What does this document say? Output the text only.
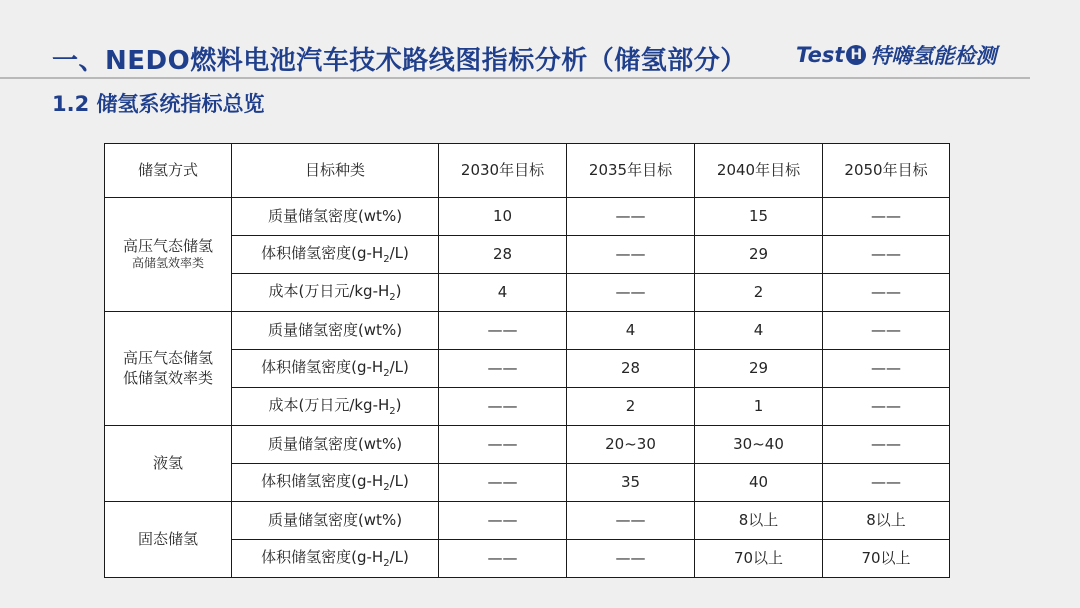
一、NEDO燃料电池汽车技术路线图指标分析（储氢部分） Test H 特嗨氢能检测
1.2 储氢系统指标总览
储氢方式	目标种类	2030年目标	2035年目标	2040年目标	2050年目标
高压气态储氢
高储氢效率类	质量储氢密度(wt%)	10	——	15	——
	体积储氢密度$(g-H_2/L)$	28	——	29	——
	成本(万日元$/kg-H_2$)	4	——	2	——
高压气态储氢
低储氢效率类	质量储氢密度(wt%)	——	4	4	——
	体积储氢密度$(g-H_2/L)$	——	28	29	——
	成本(万日元$/kg-H_2$)	——	2	1	——
液氢	质量储氢密度(wt%)	——	20~30	30~40	——
	体积储氢密度$(g-H_2/L)$	——	35	40	——
固态储氢	质量储氢密度(wt%)	——	——	8以上	8以上
	体积储氢密度$(g-H_2/L)$	——	——	70以上	70以上
